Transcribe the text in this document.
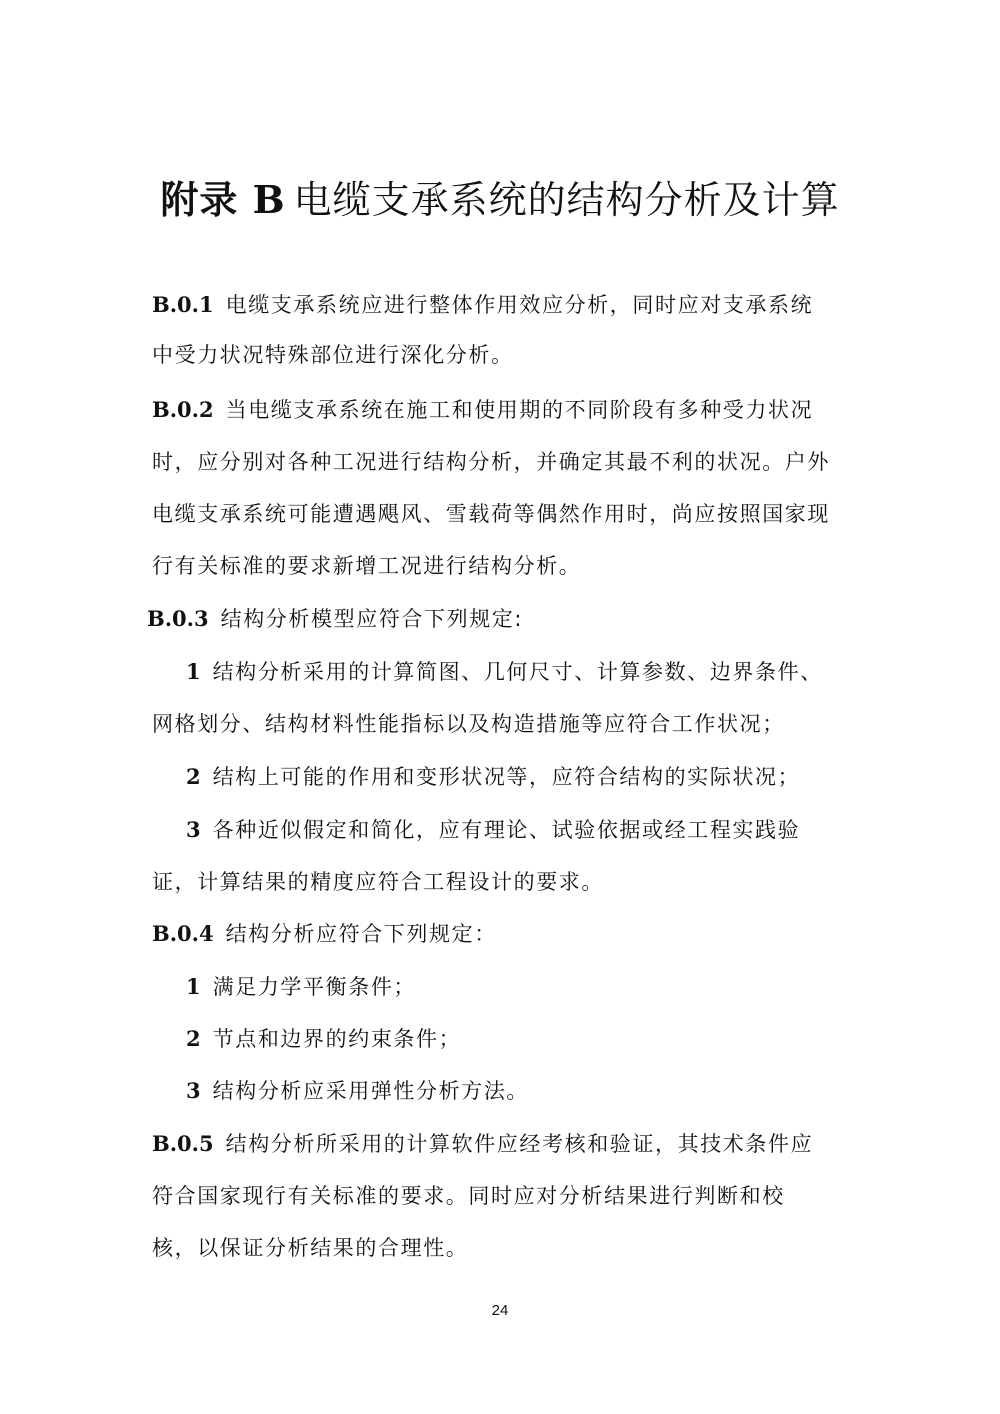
附录 B 电缆支承系统的结构分析及计算
B.0.1 电缆支承系统应进行整体作用效应分析，同时应对支承系统
中受力状况特殊部位进行深化分析。
B.0.2 当电缆支承系统在施工和使用期的不同阶段有多种受力状况
时，应分别对各种工况进行结构分析，并确定其最不利的状况。户外
电缆支承系统可能遭遇飓风、雪载荷等偶然作用时，尚应按照国家现
行有关标准的要求新增工况进行结构分析。
B.0.3 结构分析模型应符合下列规定:
1 结构分析采用的计算简图、几何尺寸、计算参数、边界条件、
网格划分、结构材料性能指标以及构造措施等应符合工作状况；
2 结构上可能的作用和变形状况等，应符合结构的实际状况；
3 各种近似假定和简化，应有理论、试验依据或经工程实践验
证，计算结果的精度应符合工程设计的要求。
B.0.4 结构分析应符合下列规定：
1 满足力学平衡条件；
2 节点和边界的约束条件；
3 结构分析应采用弹性分析方法。
B.0.5 结构分析所采用的计算软件应经考核和验证，其技术条件应
符合国家现行有关标准的要求。同时应对分析结果进行判断和校
核，以保证分析结果的合理性。
24
